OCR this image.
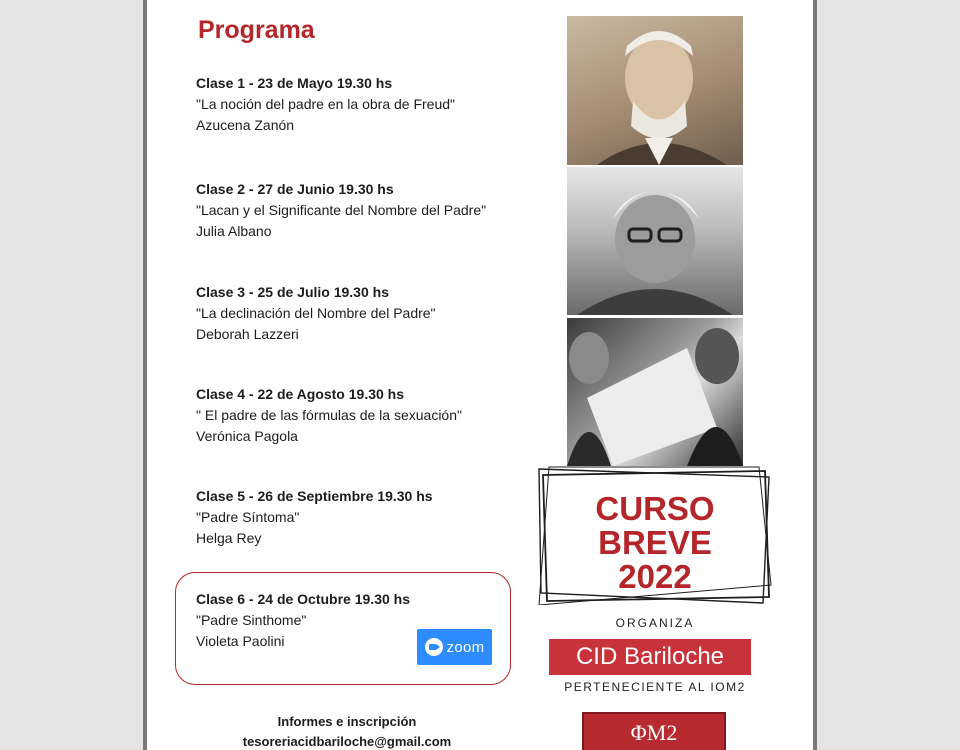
Programa
Clase 1 - 23 de Mayo 19.30 hs
"La noción del padre en la obra de Freud"
Azucena Zanón
Clase 2 - 27 de Junio 19.30 hs
"Lacan y el Significante del Nombre del Padre"
Julia Albano
Clase 3 - 25 de Julio 19.30 hs
"La declinación del Nombre del Padre"
Deborah Lazzeri
Clase 4 - 22 de Agosto 19.30 hs
" El padre de las fórmulas de la sexuación"
Verónica Pagola
Clase 5 - 26 de Septiembre 19.30 hs
"Padre Síntoma"
Helga Rey
Clase 6 - 24 de Octubre 19.30 hs
"Padre Sinthome"
Violeta Paolini	zoom
Informes e inscripción
tesoreriacidbariloche@gmail.com
CURSO
BREVE
2022
ORGANIZA
CID Bariloche
PERTENECIENTE AL IOM2
ΦM2
